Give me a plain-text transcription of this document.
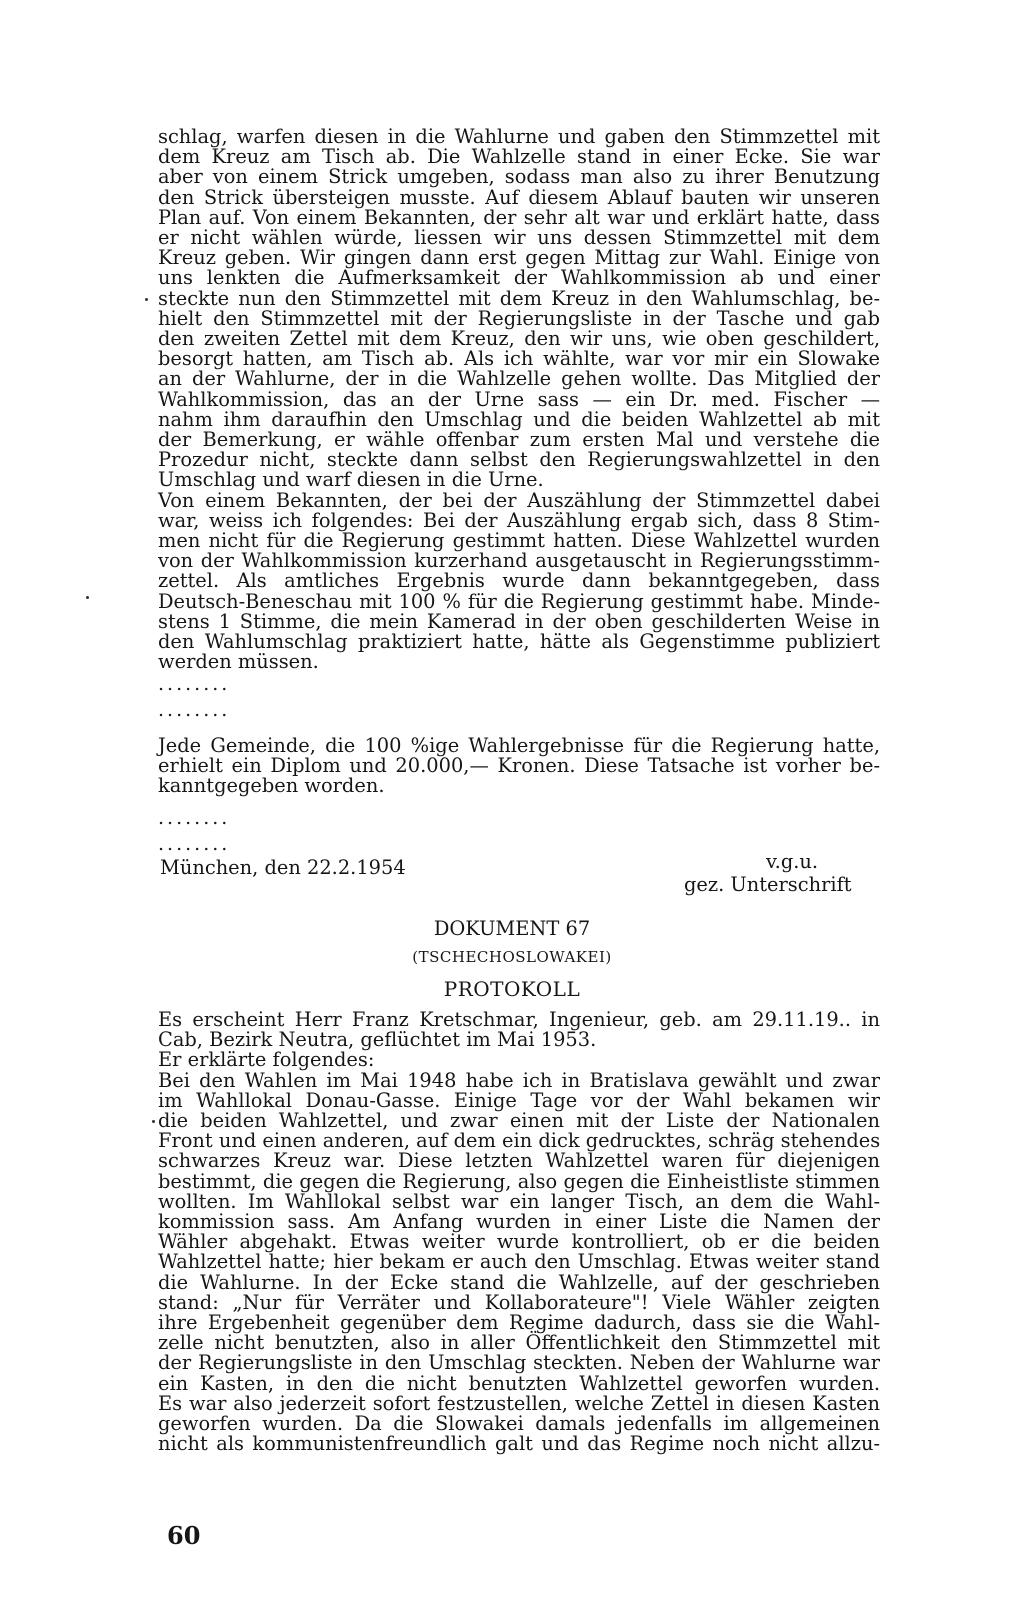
schlag, warfen diesen in die Wahlurne und gaben den Stimmzettel mit
dem Kreuz am Tisch ab. Die Wahlzelle stand in einer Ecke. Sie war
aber von einem Strick umgeben, sodass man also zu ihrer Benutzung
den Strick übersteigen musste. Auf diesem Ablauf bauten wir unseren
Plan auf. Von einem Bekannten, der sehr alt war und erklärt hatte, dass
er nicht wählen würde, liessen wir uns dessen Stimmzettel mit dem
Kreuz geben. Wir gingen dann erst gegen Mittag zur Wahl. Einige von
uns lenkten die Aufmerksamkeit der Wahlkommission ab und einer
steckte nun den Stimmzettel mit dem Kreuz in den Wahlumschlag, be-
hielt den Stimmzettel mit der Regierungsliste in der Tasche und gab
den zweiten Zettel mit dem Kreuz, den wir uns, wie oben geschildert,
besorgt hatten, am Tisch ab. Als ich wählte, war vor mir ein Slowake
an der Wahlurne, der in die Wahlzelle gehen wollte. Das Mitglied der
Wahlkommission, das an der Urne sass — ein Dr. med. Fischer —
nahm ihm daraufhin den Umschlag und die beiden Wahlzettel ab mit
der Bemerkung, er wähle offenbar zum ersten Mal und verstehe die
Prozedur nicht, steckte dann selbst den Regierungswahlzettel in den
Umschlag und warf diesen in die Urne.
Von einem Bekannten, der bei der Auszählung der Stimmzettel dabei
war, weiss ich folgendes: Bei der Auszählung ergab sich, dass 8 Stim-
men nicht für die Regierung gestimmt hatten. Diese Wahlzettel wurden
von der Wahlkommission kurzerhand ausgetauscht in Regierungsstimm-
zettel. Als amtliches Ergebnis wurde dann bekanntgegeben, dass
Deutsch-Beneschau mit 100 % für die Regierung gestimmt habe. Minde-
stens 1 Stimme, die mein Kamerad in der oben geschilderten Weise in
den Wahlumschlag praktiziert hatte, hätte als Gegenstimme publiziert
werden müssen.
........
........
Jede Gemeinde, die 100 %ige Wahlergebnisse für die Regierung hatte,
erhielt ein Diplom und 20.000,— Kronen. Diese Tatsache ist vorher be-
kanntgegeben worden.
........
........
München, den 22.2.1954	v.g.u.
gez. Unterschrift
DOKUMENT 67
(TSCHECHOSLOWAKEI)
PROTOKOLL
Es erscheint Herr Franz Kretschmar, Ingenieur, geb. am 29.11.19.. in
Cab, Bezirk Neutra, geflüchtet im Mai 1953.
Er erklärte folgendes:
Bei den Wahlen im Mai 1948 habe ich in Bratislava gewählt und zwar
im Wahllokal Donau-Gasse. Einige Tage vor der Wahl bekamen wir
die beiden Wahlzettel, und zwar einen mit der Liste der Nationalen
Front und einen anderen, auf dem ein dick gedrucktes, schräg stehendes
schwarzes Kreuz war. Diese letzten Wahlzettel waren für diejenigen
bestimmt, die gegen die Regierung, also gegen die Einheistliste stimmen
wollten. Im Wahllokal selbst war ein langer Tisch, an dem die Wahl-
kommission sass. Am Anfang wurden in einer Liste die Namen der
Wähler abgehakt. Etwas weiter wurde kontrolliert, ob er die beiden
Wahlzettel hatte; hier bekam er auch den Umschlag. Etwas weiter stand
die Wahlurne. In der Ecke stand die Wahlzelle, auf der geschrieben
stand: „Nur für Verräter und Kollaborateure"! Viele Wähler zeigten
ihre Ergebenheit gegenüber dem Regime dadurch, dass sie die Wahl-
zelle nicht benutzten, also in aller Öffentlichkeit den Stimmzettel mit
der Regierungsliste in den Umschlag steckten. Neben der Wahlurne war
ein Kasten, in den die nicht benutzten Wahlzettel geworfen wurden.
Es war also jederzeit sofort festzustellen, welche Zettel in diesen Kasten
geworfen wurden. Da die Slowakei damals jedenfalls im allgemeinen
nicht als kommunistenfreundlich galt und das Regime noch nicht allzu-
60
